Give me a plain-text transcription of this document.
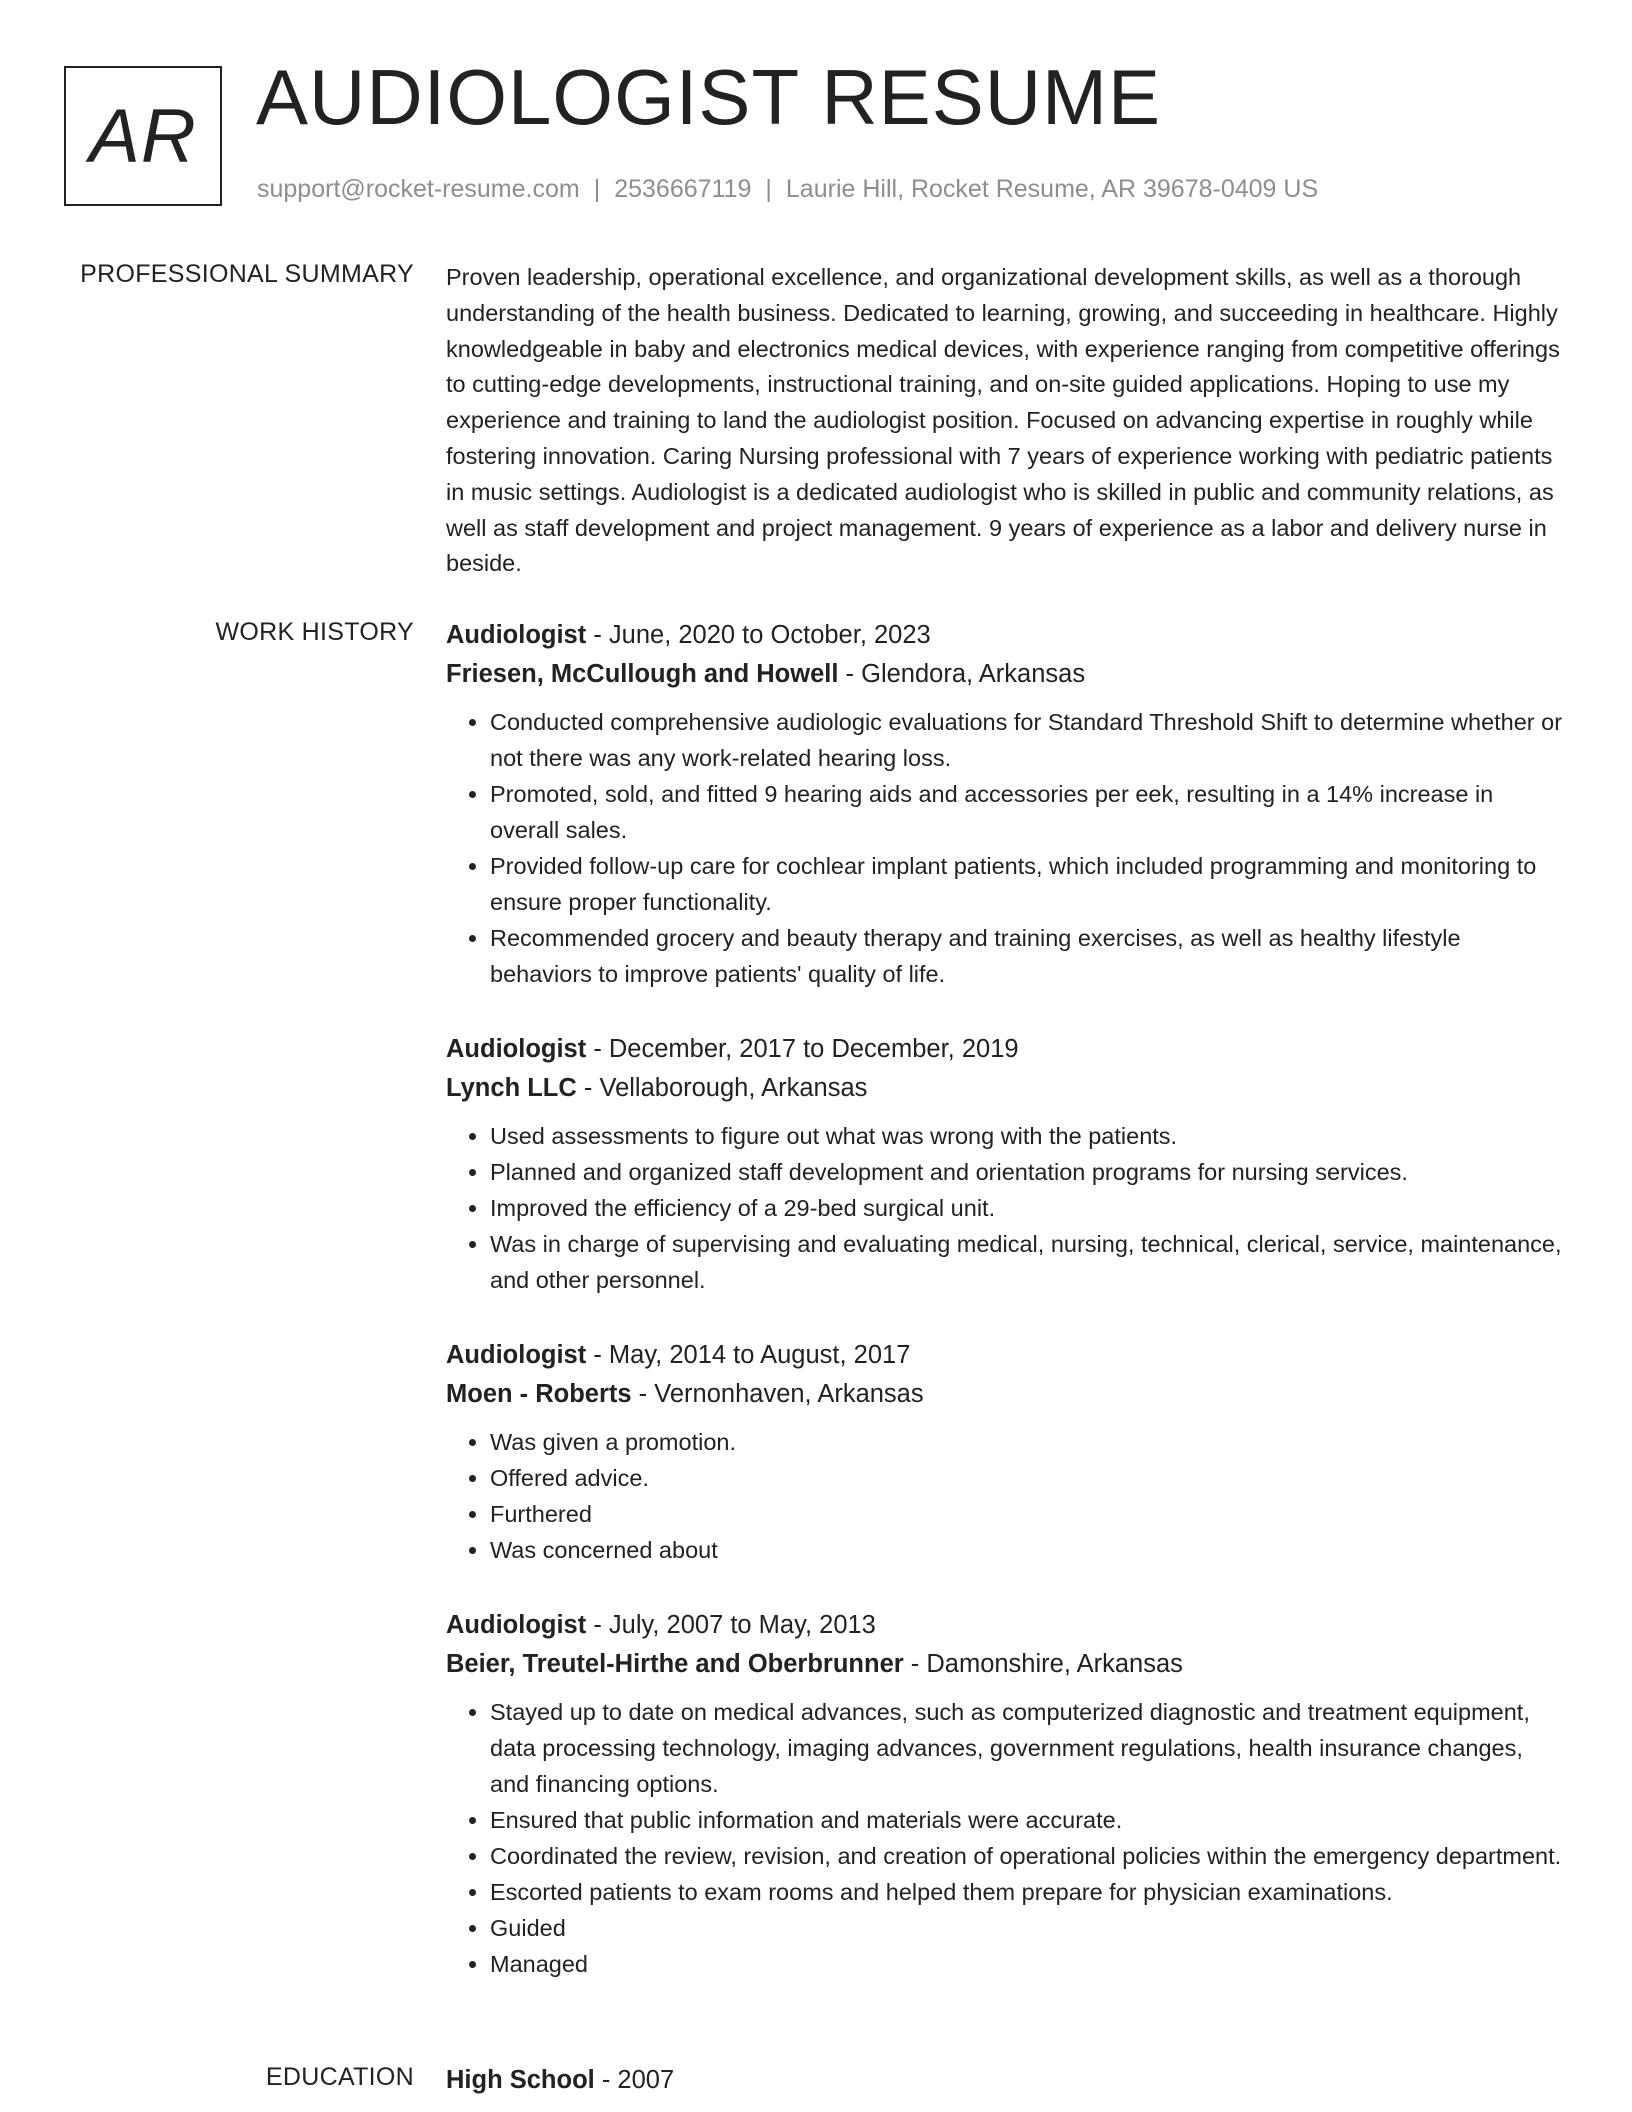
AR AUDIOLOGIST RESUME
support@rocket-resume.com | 2536667119 | Laurie Hill, Rocket Resume, AR 39678-0409 US
PROFESSIONAL SUMMARY Proven leadership, operational excellence, and organizational development skills, as well as a thorough understanding of the health business. Dedicated to learning, growing, and succeeding in healthcare. Highly knowledgeable in baby and electronics medical devices, with experience ranging from competitive offerings to cutting-edge developments, instructional training, and on-site guided applications. Hoping to use my experience and training to land the audiologist position. Focused on advancing expertise in roughly while fostering innovation. Caring Nursing professional with 7 years of experience working with pediatric patients in music settings. Audiologist is a dedicated audiologist who is skilled in public and community relations, as well as staff development and project management. 9 years of experience as a labor and delivery nurse in beside.

WORK HISTORY Audiologist - June, 2020 to October, 2023
Friesen, McCullough and Howell - Glendora, Arkansas
• Conducted comprehensive audiologic evaluations for Standard Threshold Shift to determine whether or not there was any work-related hearing loss.
• Promoted, sold, and fitted 9 hearing aids and accessories per eek, resulting in a 14% increase in overall sales.
• Provided follow-up care for cochlear implant patients, which included programming and monitoring to ensure proper functionality.
• Recommended grocery and beauty therapy and training exercises, as well as healthy lifestyle behaviors to improve patients' quality of life.
Audiologist - December, 2017 to December, 2019
Lynch LLC - Vellaborough, Arkansas
• Used assessments to figure out what was wrong with the patients.
• Planned and organized staff development and orientation programs for nursing services.
• Improved the efficiency of a 29-bed surgical unit.
• Was in charge of supervising and evaluating medical, nursing, technical, clerical, service, maintenance, and other personnel.
Audiologist - May, 2014 to August, 2017
Moen - Roberts - Vernonhaven, Arkansas
• Was given a promotion.
• Offered advice.
• Furthered
• Was concerned about
Audiologist - July, 2007 to May, 2013
Beier, Treutel-Hirthe and Oberbrunner - Damonshire, Arkansas
• Stayed up to date on medical advances, such as computerized diagnostic and treatment equipment, data processing technology, imaging advances, government regulations, health insurance changes, and financing options.
• Ensured that public information and materials were accurate.
• Coordinated the review, revision, and creation of operational policies within the emergency department.
• Escorted patients to exam rooms and helped them prepare for physician examinations.
• Guided
• Managed
EDUCATION High School - 2007
